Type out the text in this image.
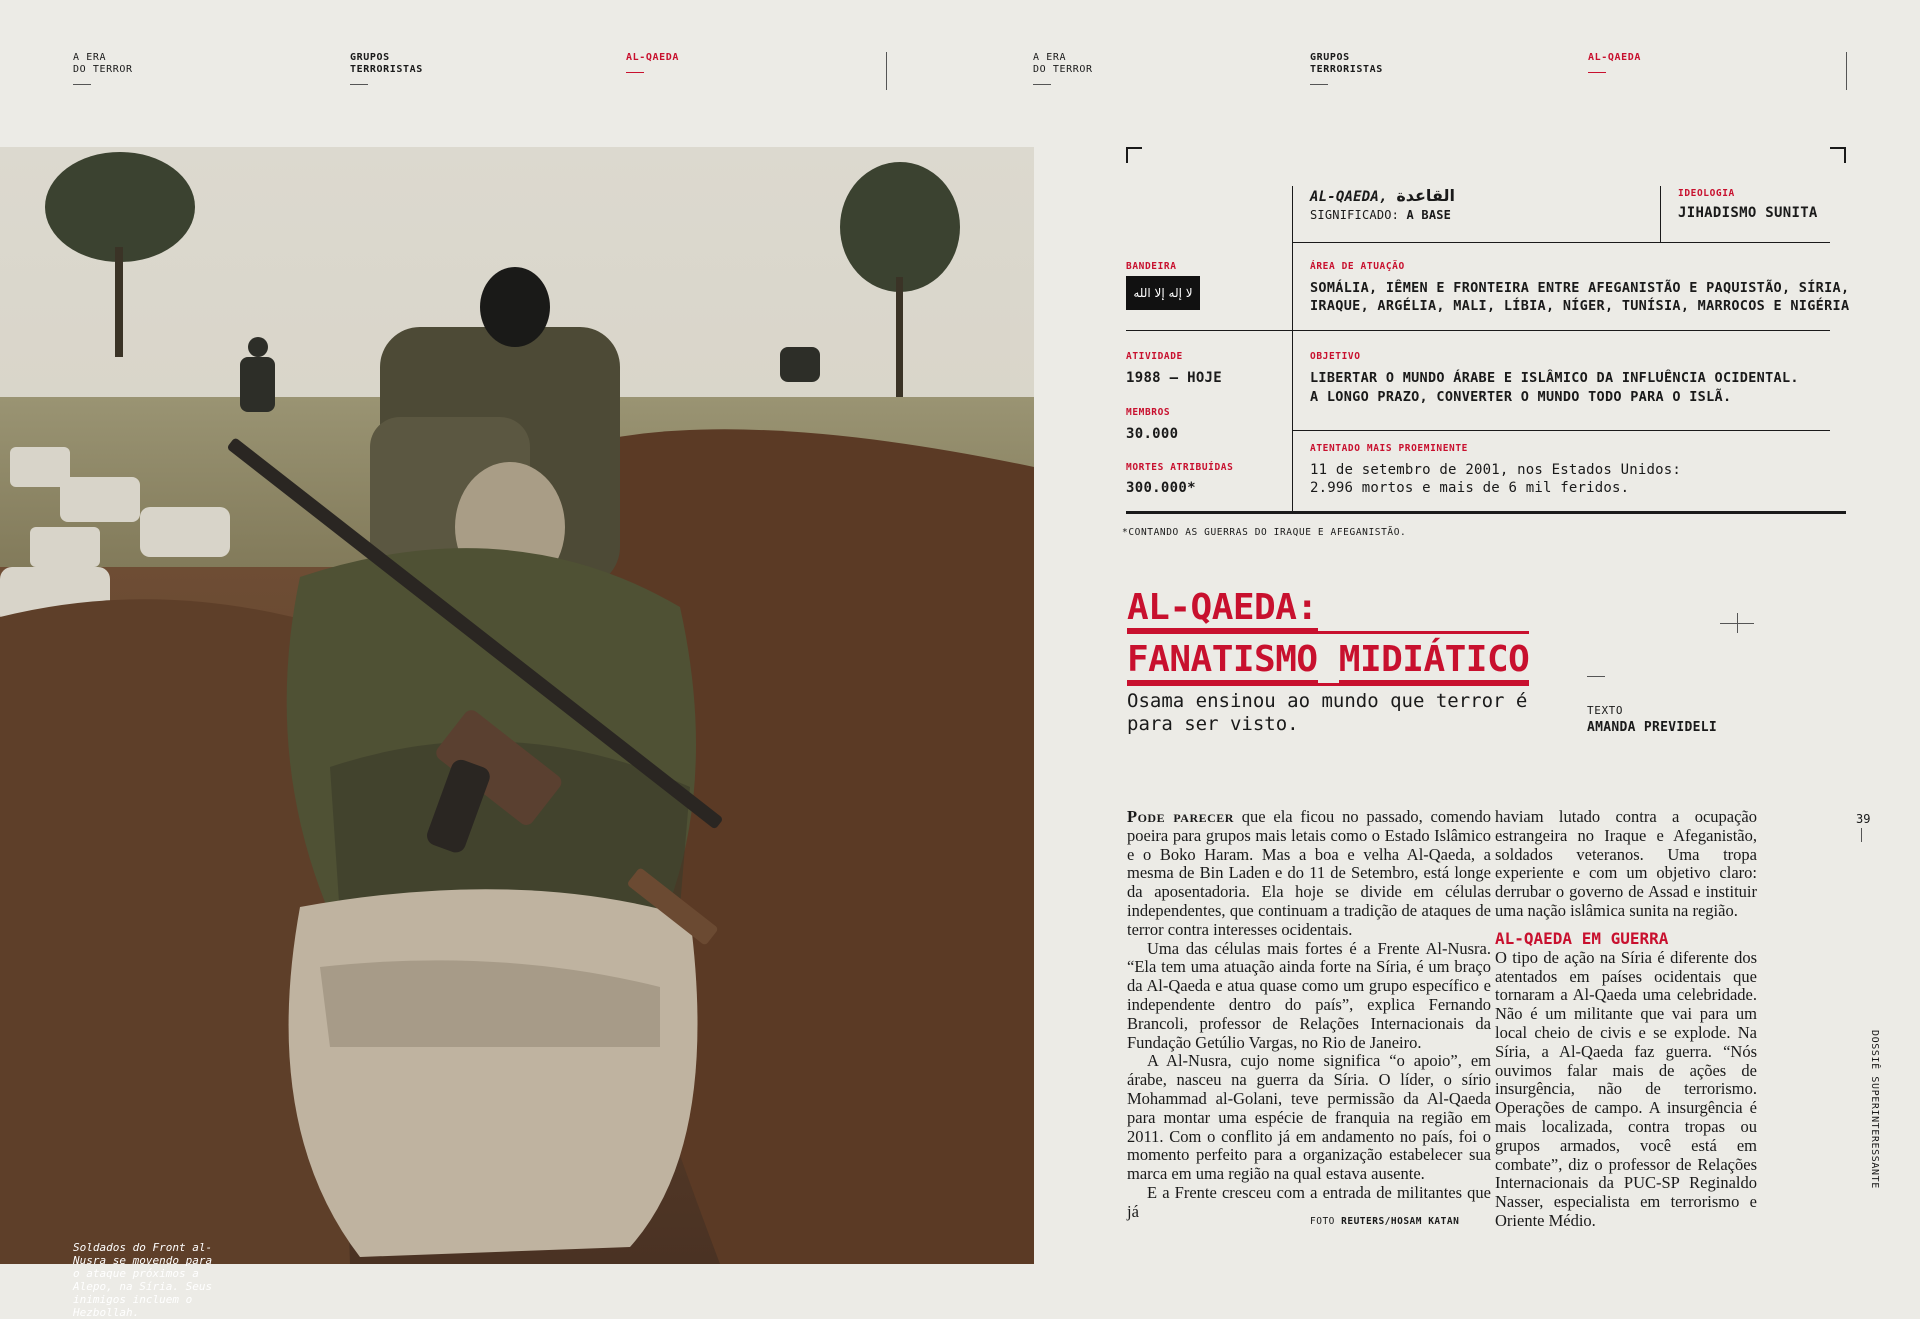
A ERA
DO TERROR
GRUPOS
TERRORISTAS
AL-QAEDA	A ERA
DO TERROR
GRUPOS
TERRORISTAS
AL-QAEDA
Soldados do Front al-Nusra se movendo para o ataque próximos a Alepo, na Síria. Seus inimigos incluem o Hezbollah.
AL-QAEDA, القاعدة
SIGNIFICADO: A BASE
IDEOLOGIA
JIHADISMO SUNITA
BANDEIRA
لا إله إلا الله
ÁREA DE ATUAÇÃO
SOMÁLIA, IÊMEN E FRONTEIRA ENTRE AFEGANISTÃO E PAQUISTÃO, SÍRIA,
IRAQUE, ARGÉLIA, MALI, LÍBIA, NÍGER, TUNÍSIA, MARROCOS E NIGÉRIA
ATIVIDADE
1988 — HOJE
MEMBROS
30.000
MORTES ATRIBUÍDAS
300.000*
OBJETIVO
LIBERTAR O MUNDO ÁRABE E ISLÂMICO DA INFLUÊNCIA OCIDENTAL.
A LONGO PRAZO, CONVERTER O MUNDO TODO PARA O ISLÃ.
ATENTADO MAIS PROEMINENTE
11 de setembro de 2001, nos Estados Unidos:
2.996 mortos e mais de 6 mil feridos.
*CONTANDO AS GUERRAS DO IRAQUE E AFEGANISTÃO.
AL-QAEDA:
FANATISMO MIDIÁTICO
Osama ensinou ao mundo que terror é para ser visto.
TEXTO
AMANDA PREVIDELI

Pode parecer que ela ficou no passado, comendo poeira para grupos mais letais como o Estado Islâmico e o Boko Haram. Mas a boa e velha Al-Qaeda, a mesma de Bin Laden e do 11 de Setembro, está longe da aposentadoria. Ela hoje se divide em células independentes, que continuam a tradição de ataques de terror contra interesses ocidentais.

Uma das células mais fortes é a Frente Al-Nusra. “Ela tem uma atuação ainda forte na Síria, é um braço da Al-Qaeda e atua quase como um grupo específico e independente dentro do país”, explica Fernando Brancoli, professor de Relações Internacionais da Fundação Getúlio Vargas, no Rio de Janeiro.

A Al-Nusra, cujo nome significa “o apoio”, em árabe, nasceu na guerra da Síria. O líder, o sírio Mohammad al-Golani, teve permissão da Al-Qaeda para montar uma espécie de franquia na região em 2011. Com o conflito já em andamento no país, foi o momento perfeito para a organização estabelecer sua marca em uma região na qual estava ausente.

E a Frente cresceu com a entrada de militantes que já

haviam lutado contra a ocupação estrangeira no Iraque e Afeganistão, soldados veteranos. Uma tropa experiente e com um objetivo claro: derrubar o governo de Assad e instituir uma nação islâmica sunita na região.

AL-QAEDA EM GUERRA

O tipo de ação na Síria é diferente dos atentados em países ocidentais que tornaram a Al-Qaeda uma celebridade. Não é um militante que vai para um local cheio de civis e se explode. Na Síria, a Al-Qaeda faz guerra. “Nós ouvimos falar mais de ações de insurgência, não de terrorismo. Operações de campo. A insurgência é mais localizada, contra tropas ou grupos armados, você está em combate”, diz o professor de Relações Internacionais da PUC-SP Reginaldo Nasser, especialista em terrorismo e Oriente Médio.

39
DOSSIÊ SUPERINTERESSANTE
FOTO REUTERS/HOSAM KATAN
